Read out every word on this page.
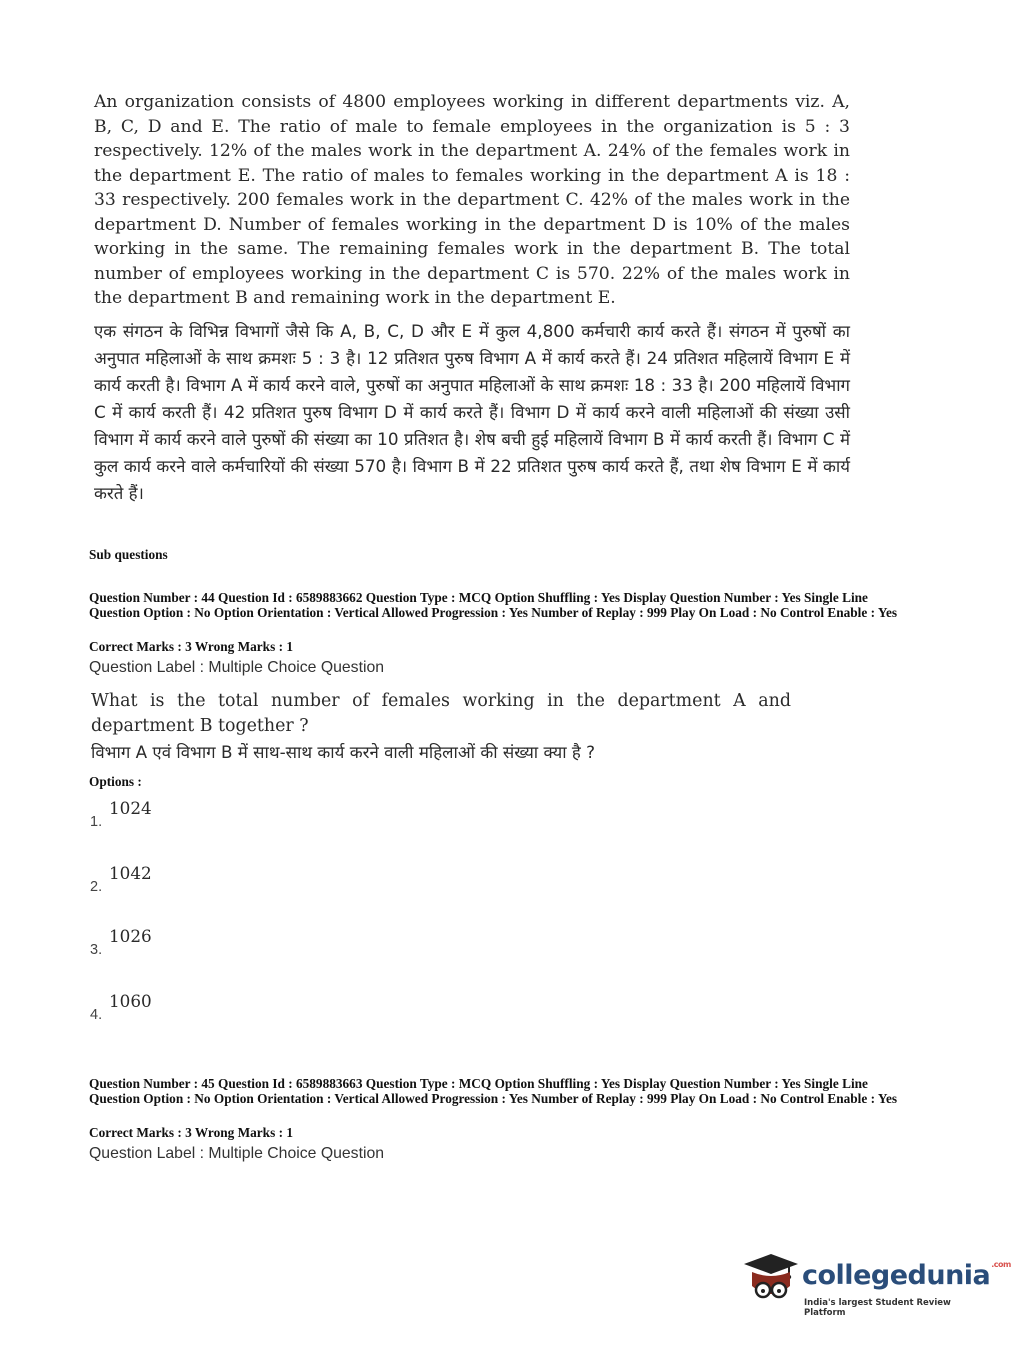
An organization consists of 4800 employees working in different departments viz. A, B, C, D and E. The ratio of male to female employees in the organization is 5 : 3 respectively. 12% of the males work in the department A. 24% of the females work in the department E. The ratio of males to females working in the department A is 18 : 33 respectively. 200 females work in the department C. 42% of the males work in the department D. Number of females working in the department D is 10% of the males working in the same. The remaining females work in the department B. The total number of employees working in the department C is 570. 22% of the males work in the department B and remaining work in the department E.
एक संगठन के विभिन्न विभागों जैसे कि A, B, C, D और E में कुल 4,800 कर्मचारी कार्य करते हैं। संगठन में पुरुषों का अनुपात महिलाओं के साथ क्रमशः 5 : 3 है। 12 प्रतिशत पुरुष विभाग A में कार्य करते हैं। 24 प्रतिशत महिलायें विभाग E में कार्य करती है। विभाग A में कार्य करने वाले, पुरुषों का अनुपात महिलाओं के साथ क्रमशः 18 : 33 है। 200 महिलायें विभाग C में कार्य करती हैं। 42 प्रतिशत पुरुष विभाग D में कार्य करते हैं। विभाग D में कार्य करने वाली महिलाओं की संख्या उसी विभाग में कार्य करने वाले पुरुषों की संख्या का 10 प्रतिशत है। शेष बची हुई महिलायें विभाग B में कार्य करती हैं। विभाग C में कुल कार्य करने वाले कर्मचारियों की संख्या 570 है। विभाग B में 22 प्रतिशत पुरुष कार्य करते हैं, तथा शेष विभाग E में कार्य करते हैं।
Sub questions
Question Number : 44 Question Id : 6589883662 Question Type : MCQ Option Shuffling : Yes Display Question Number : Yes Single Line Question Option : No Option Orientation : Vertical Allowed Progression : Yes Number of Replay : 999 Play On Load : No Control Enable : Yes
Correct Marks : 3 Wrong Marks : 1
Question Label : Multiple Choice Question
What is the total number of females working in the department A and
department B together ?
विभाग A एवं विभाग B में साथ-साथ कार्य करने वाली महिलाओं की संख्या क्या है ?
Options :
1024
1.
1042
2.
1026
3.
1060
4.
Question Number : 45 Question Id : 6589883663 Question Type : MCQ Option Shuffling : Yes Display Question Number : Yes Single Line Question Option : No Option Orientation : Vertical Allowed Progression : Yes Number of Replay : 999 Play On Load : No Control Enable : Yes
Correct Marks : 3 Wrong Marks : 1
Question Label : Multiple Choice Question
collegedunia$^{.com}$
India's largest Student Review Platform
